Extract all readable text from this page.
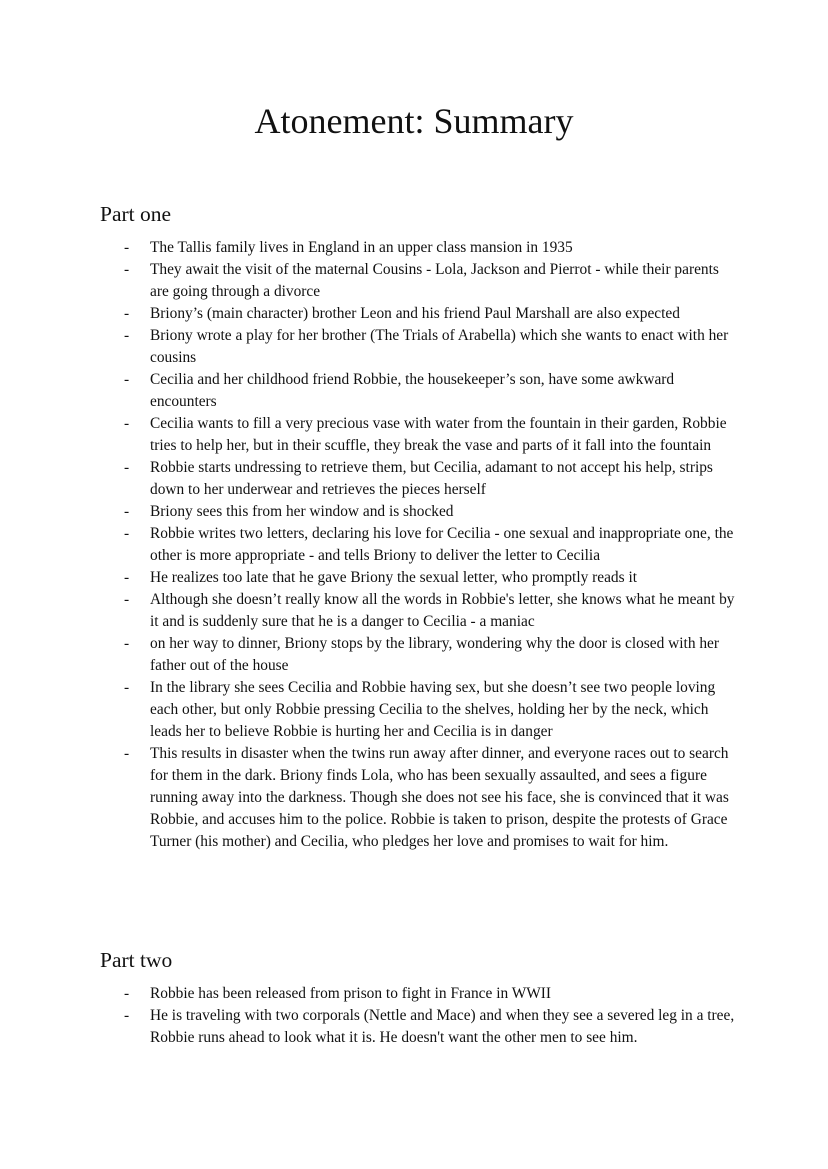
Atonement: Summary
Part one
- The Tallis family lives in England in an upper class mansion in 1935
- They await the visit of the maternal Cousins - Lola, Jackson and Pierrot - while their parents are going through a divorce
- Briony’s (main character) brother Leon and his friend Paul Marshall are also expected
- Briony wrote a play for her brother (The Trials of Arabella) which she wants to enact with her cousins
- Cecilia and her childhood friend Robbie, the housekeeper’s son, have some awkward encounters
- Cecilia wants to fill a very precious vase with water from the fountain in their garden, Robbie tries to help her, but in their scuffle, they break the vase and parts of it fall into the fountain
- Robbie starts undressing to retrieve them, but Cecilia, adamant to not accept his help, strips down to her underwear and retrieves the pieces herself
- Briony sees this from her window and is shocked
- Robbie writes two letters, declaring his love for Cecilia - one sexual and inappropriate one, the other is more appropriate - and tells Briony to deliver the letter to Cecilia
- He realizes too late that he gave Briony the sexual letter, who promptly reads it
- Although she doesn’t really know all the words in Robbie's letter, she knows what he meant by it and is suddenly sure that he is a danger to Cecilia - a maniac
- on her way to dinner, Briony stops by the library, wondering why the door is closed with her father out of the house
- In the library she sees Cecilia and Robbie having sex, but she doesn’t see two people loving each other, but only Robbie pressing Cecilia to the shelves, holding her by the neck, which leads her to believe Robbie is hurting her and Cecilia is in danger
- This results in disaster when the twins run away after dinner, and everyone races out to search for them in the dark. Briony finds Lola, who has been sexually assaulted, and sees a figure running away into the darkness. Though she does not see his face, she is convinced that it was Robbie, and accuses him to the police. Robbie is taken to prison, despite the protests of Grace Turner (his mother) and Cecilia, who pledges her love and promises to wait for him.
Part two
- Robbie has been released from prison to fight in France in WWII
- He is traveling with two corporals (Nettle and Mace) and when they see a severed leg in a tree, Robbie runs ahead to look what it is. He doesn't want the other men to see him.
